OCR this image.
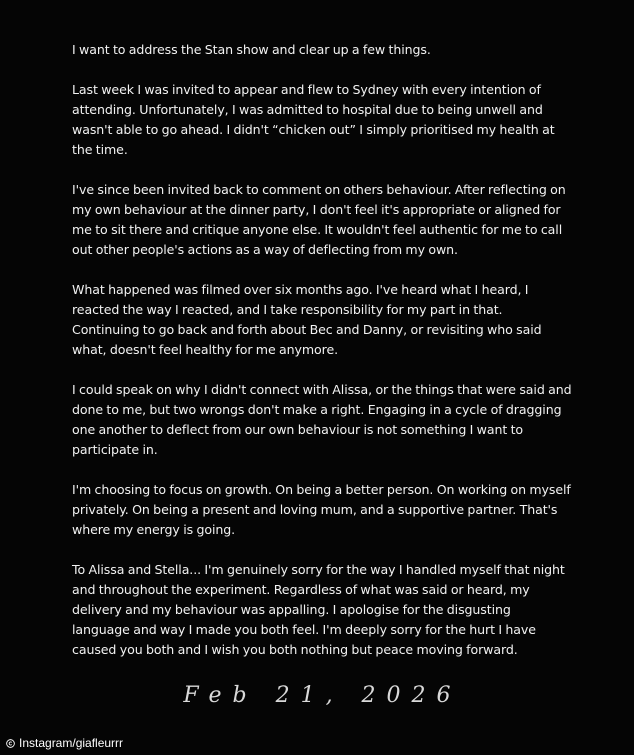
I want to address the Stan show and clear up a few things.

Last week I was invited to appear and flew to Sydney with every intention of attending. Unfortunately, I was admitted to hospital due to being unwell and wasn't able to go ahead. I didn't “chicken out” I simply prioritised my health at the time.

I've since been invited back to comment on others behaviour. After reflecting on my own behaviour at the dinner party, I don't feel it's appropriate or aligned for me to sit there and critique anyone else. It wouldn't feel authentic for me to call out other people's actions as a way of deflecting from my own.

What happened was filmed over six months ago. I've heard what I heard, I reacted the way I reacted, and I take responsibility for my part in that. Continuing to go back and forth about Bec and Danny, or revisiting who said what, doesn't feel healthy for me anymore.

I could speak on why I didn't connect with Alissa, or the things that were said and done to me, but two wrongs don't make a right. Engaging in a cycle of dragging one another to deflect from our own behaviour is not something I want to participate in.

I'm choosing to focus on growth. On being a better person. On working on myself privately. On being a present and loving mum, and a supportive partner. That's where my energy is going.

To Alissa and Stella... I'm genuinely sorry for the way I handled myself that night and throughout the experiment. Regardless of what was said or heard, my delivery and my behaviour was appalling. I apologise for the disgusting language and way I made you both feel. I'm deeply sorry for the hurt I have caused you both and I wish you both nothing but peace moving forward.

Feb 21, 2026
Instagram/giafleurrr
